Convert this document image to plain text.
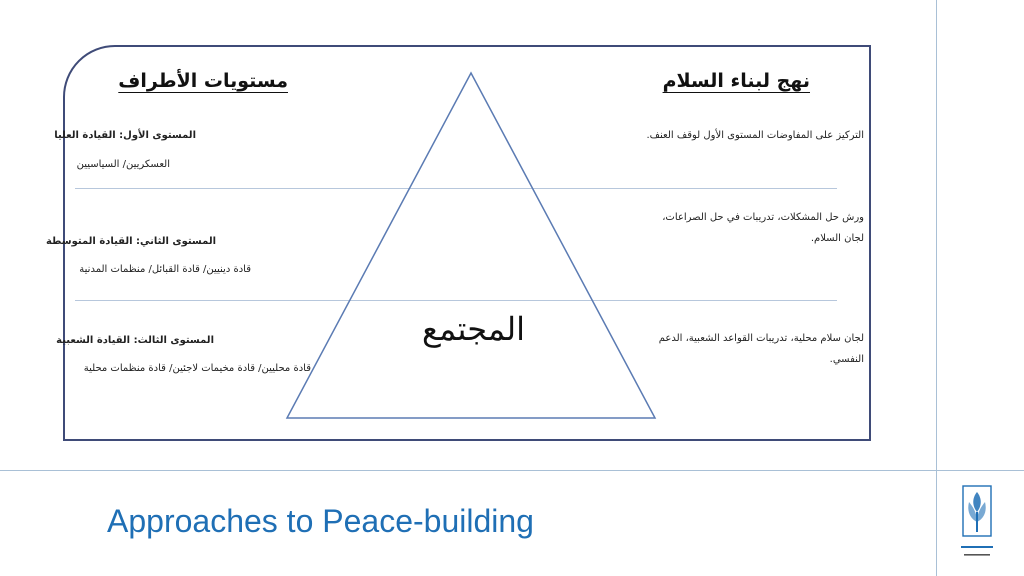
مستويات الأطراف	نهج لبناء السلام
المستوى الأول: القيادة العليا
العسكريين/ السياسيين
المستوى الثاني: القيادة المتوسطة
قادة دينيين/ قادة القبائل/ منظمات المدنية
المستوى الثالث: القيادة الشعبية
قادة محليين/ قادة مخيمات لاجئين/ قادة منظمات محلية
التركيز على المفاوضات المستوى الأول لوقف العنف.
ورش حل المشكلات، تدريبات في حل الصراعات، لجان السلام.
لجان سلام محلية، تدريبات القواعد الشعبية، الدعم النفسي.
المجتمع
Approaches to Peace-building
